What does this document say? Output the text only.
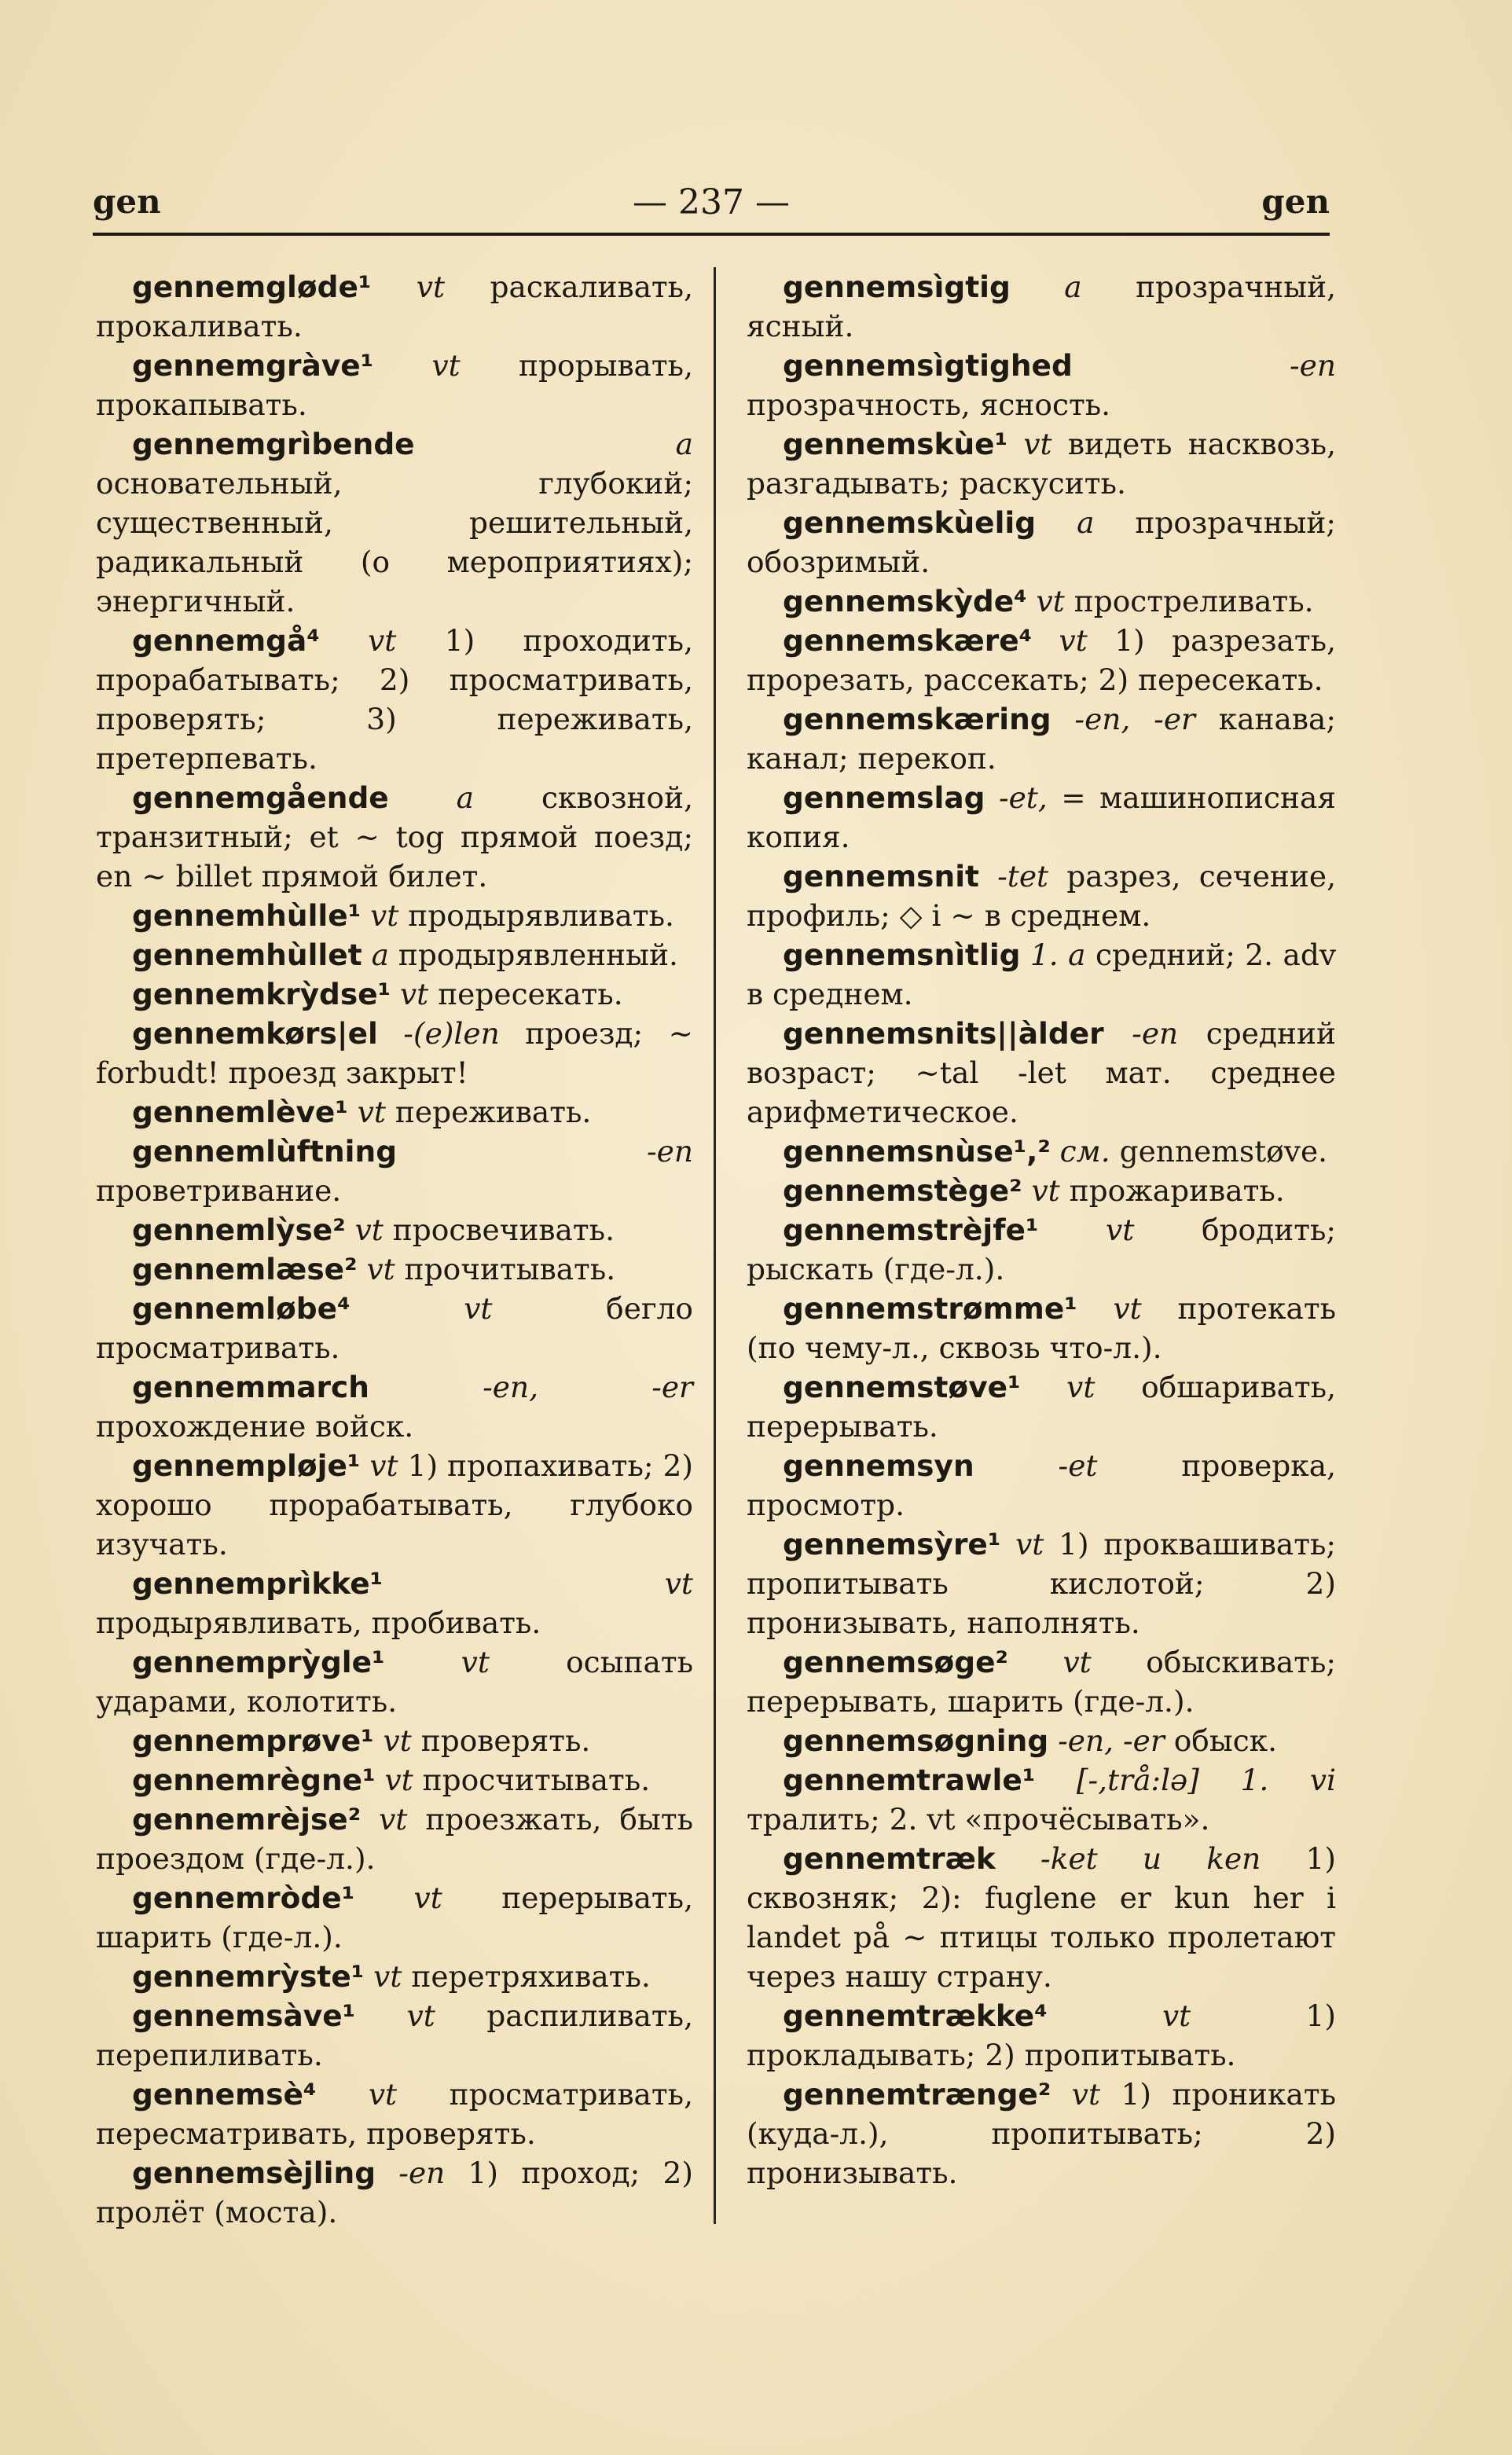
gen	— 237 —	gen

gennemgløde¹ vt раскаливать, прокаливать.

gennemgràve¹ vt прорывать, прокапывать.

gennemgrìbende	a основательный, глубокий; существенный, решительный, радикальный (о мероприятиях); энергичный.

gennemgå⁴ vt 1) проходить, прорабатывать; 2) просматривать, проверять; 3) переживать, претерпевать.

gennemgående a сквозной, транзитный; et ~ tog прямой поезд; en ~ billet прямой билет.

gennemhùlle¹ vt продырявливать.

gennemhùllet a продырявленный.

gennemkrỳdse¹ vt пересекать.

gennemkørs|el -(e)len проезд; ~ forbudt! проезд закрыт!

gennemlève¹ vt переживать.

gennemlùftning	-en проветривание.

gennemlỳse² vt просвечивать.

gennemlæse² vt прочитывать.

gennemløbe⁴	vt	бегло просматривать.

gennemmarch	-en, -er прохождение войск.

gennempløje¹ vt 1) пропахивать; 2) хорошо прорабатывать, глубоко изучать.

gennemprìkke¹	vt продырявливать, пробивать.

gennemprỳgle¹	vt	осыпать ударами, колотить.

gennemprøve¹ vt проверять.

gennemrègne¹ vt просчитывать.

gennemrèjse² vt проезжать, быть проездом (где-л.).

gennemròde¹ vt перерывать, шарить (где-л.).

gennemrỳste¹ vt перетряхивать.

gennemsàve¹ vt распиливать, перепиливать.

gennemsè⁴ vt просматривать, пересматривать, проверять.

gennemsèjling -en 1) проход; 2) пролёт (моста).

gennemsìgtig a прозрачный, ясный.

gennemsìgtighed	-en прозрачность, ясность.

gennemskùe¹ vt видеть насквозь, разгадывать; раскусить.

gennemskùelig a прозрачный; обозримый.

gennemskỳde⁴ vt простреливать.

gennemskære⁴ vt 1) разрезать, прорезать, рассекать; 2) пересекать.

gennemskæring -en, -er канава; канал; перекоп.

gennemslag -et, = машинописная копия.

gennemsnit -tet разрез, сечение, профиль; ◇ i ~ в среднем.

gennemsnìtlig 1. a средний; 2. adv в среднем.

gennemsnits||àlder -en средний возраст; ~tal -let мат. среднее арифметическое.

gennemsnùse¹,² см. gennemstøve.

gennemstège² vt прожаривать.

gennemstrèjfe¹ vt бродить; рыскать (где-л.).

gennemstrømme¹ vt протекать (по чему-л., сквозь что-л.).

gennemstøve¹ vt обшаривать, перерывать.

gennemsyn	-et	проверка, просмотр.

gennemsỳre¹ vt 1) проквашивать; пропитывать кислотой; 2) пронизывать, наполнять.

gennemsøge² vt обыскивать; перерывать, шарить (где-л.).

gennemsøgning -en, -er обыск.

gennemtrawle¹ [-,trå:lə] 1. vi тралить; 2. vt «прочёсывать».

gennemtræk -ket и ken 1) сквозняк; 2): fuglene er kun her i landet på ~ птицы только пролетают через нашу страну.

gennemtrække⁴	vt	1) прокладывать; 2) пропитывать.

gennemtrænge² vt 1) проникать (куда-л.), пропитывать; 2) пронизывать.
